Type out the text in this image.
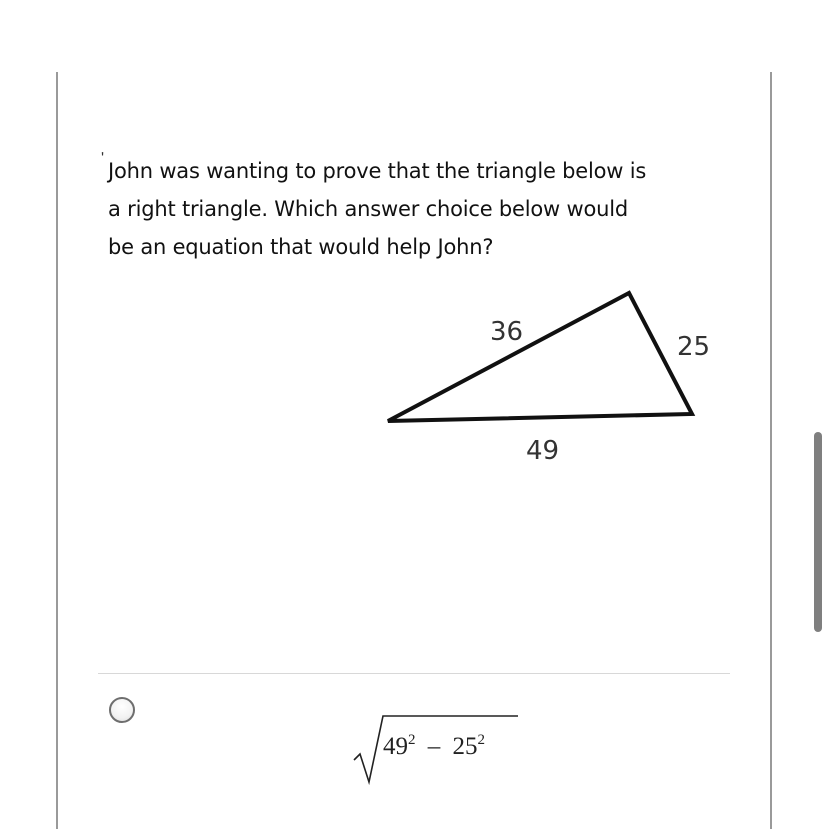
ʹ
John was wanting to prove that the triangle below is
a right triangle. Which answer choice below would
be an equation that would help John?
36	25
49
$49^2 - 25^2$
